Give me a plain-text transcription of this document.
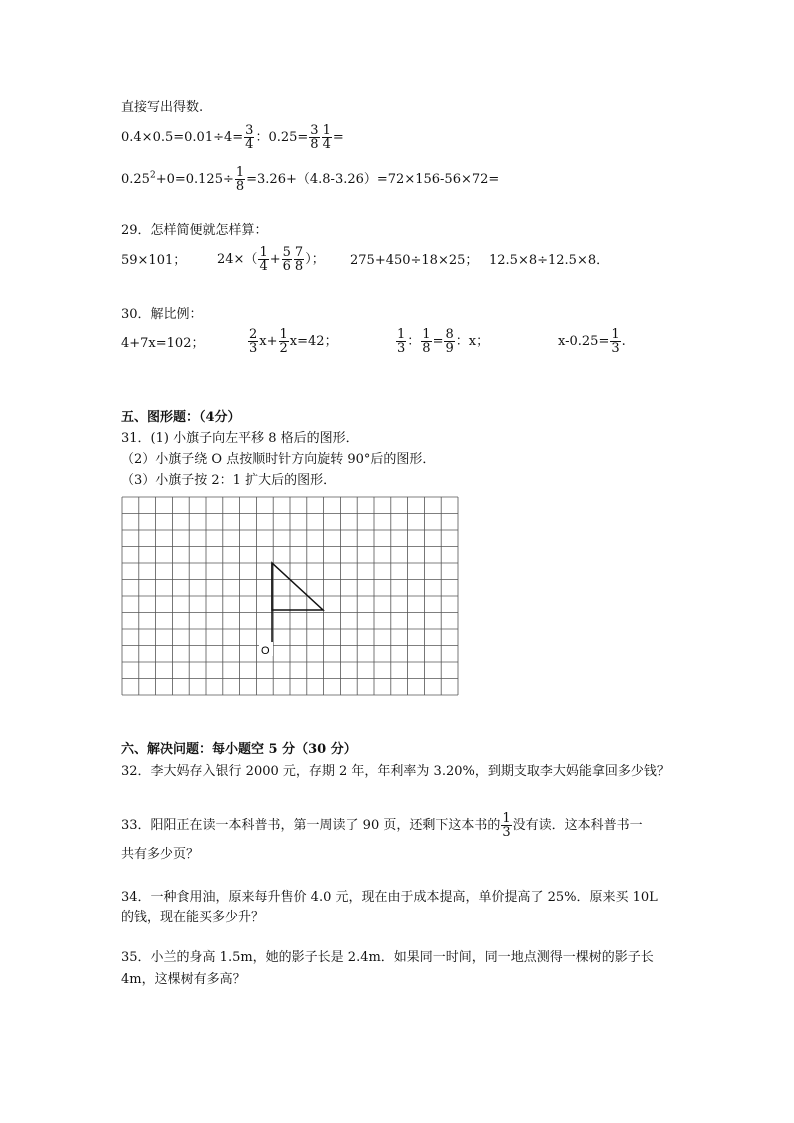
直接写出得数.
$0.4\times 0.5=0.01\div 4= \frac{3}{4}$ ：$0.25= \frac{3}{8} \frac{1}{4}$ =
$0.25^2+0=0.125\div \frac{1}{8} =3.26+(4.8-3.26)=72\times 156-56\times 72=$
29．怎样简便就怎样算：
59×101； $24\times( \frac{1}{4} + \frac{5}{6} \frac{7}{8}$ ）； 275+450÷18×25； 12.5×8÷12.5×8．
30．解比例：
4+7x=102；	$\frac{2}{3} x+ \frac{1}{2} x=42$；	$\frac{1}{3}$ ： $\frac{1}{8} = \frac{8}{9}$ ：x；	$x-0.25= \frac{1}{3}$ .
五、图形题：（4分）
31．(1) 小旗子向左平移 8 格后的图形．
（2）小旗子绕 O 点按顺时针方向旋转 90°后的图形．
（3）小旗子按 2：1 扩大后的图形．
O
六、解决问题：每小题空 5 分（30 分）
32．李大妈存入银行 2000 元，存期 2 年，年利率为 3.20%，到期支取李大妈能拿回多少钱？
33．阳阳正在读一本科普书，第一周读了 90 页，还剩下这本书的 $\frac{1}{3}$ 没有读．这本科普书一
共有多少页？
34．一种食用油，原来每升售价 4.0 元，现在由于成本提高，单价提高了 25%．原来买 10L
的钱，现在能买多少升？
35．小兰的身高 1.5m，她的影子长是 2.4m．如果同一时间，同一地点测得一棵树的影子长
4m，这棵树有多高？
